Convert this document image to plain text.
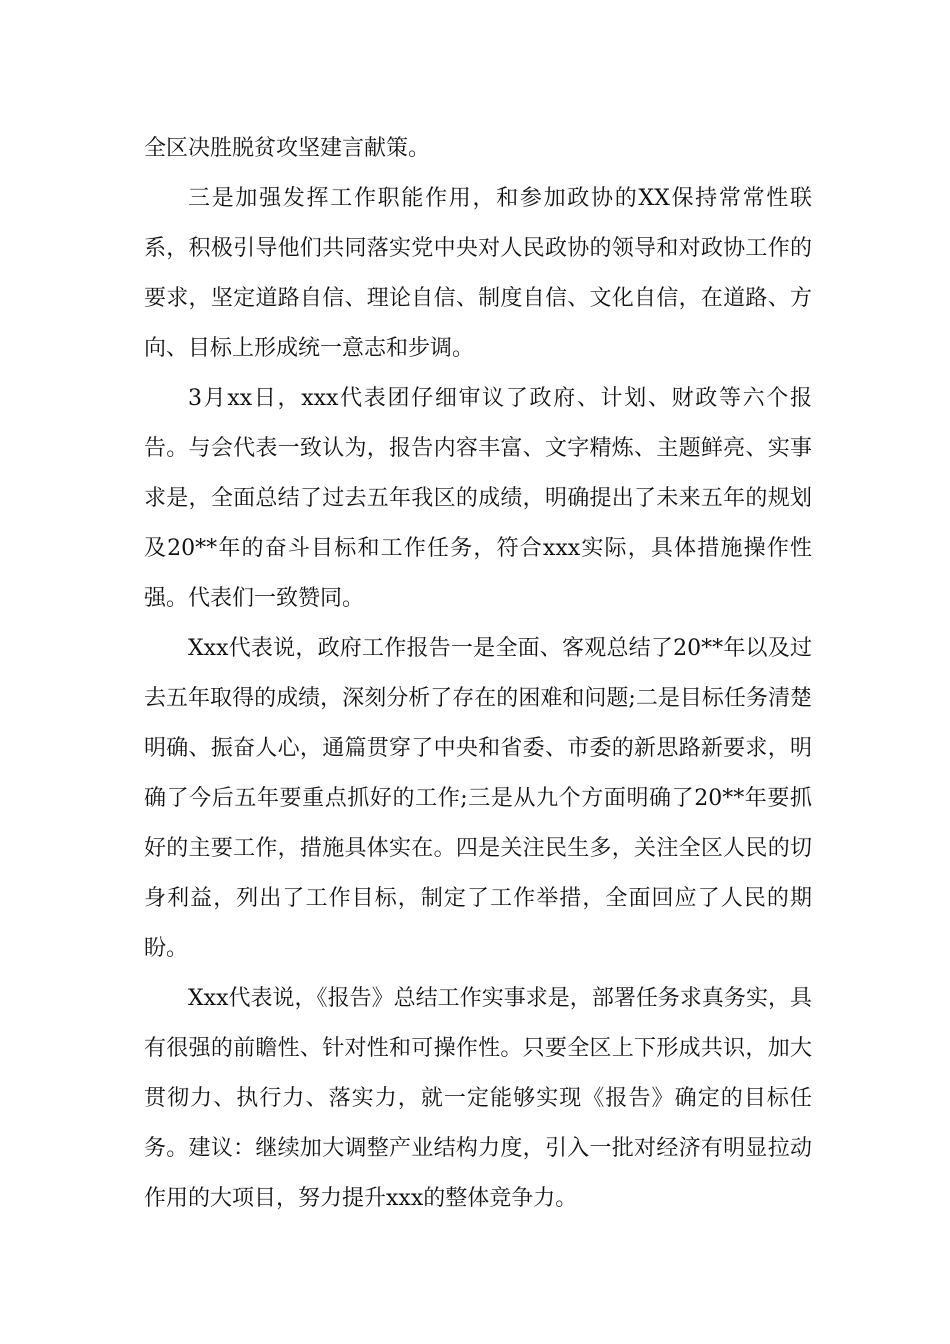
全区决胜脱贫攻坚建言献策。

三是加强发挥工作职能作用，和参加政协的XX保持常常性联系，积极引导他们共同落实党中央对人民政协的领导和对政协工作的要求，坚定道路自信、理论自信、制度自信、文化自信，在道路、方向、目标上形成统一意志和步调。

3月xx日，xxx代表团仔细审议了政府、计划、财政等六个报告。与会代表一致认为，报告内容丰富、文字精炼、主题鲜亮、实事求是，全面总结了过去五年我区的成绩，明确提出了未来五年的规划及20**年的奋斗目标和工作任务，符合xxx实际，具体措施操作性强。代表们一致赞同。

Xxx代表说，政府工作报告一是全面、客观总结了20**年以及过去五年取得的成绩，深刻分析了存在的困难和问题;二是目标任务清楚明确、振奋人心，通篇贯穿了中央和省委、市委的新思路新要求，明确了今后五年要重点抓好的工作;三是从九个方面明确了20**年要抓好的主要工作，措施具体实在。四是关注民生多，关注全区人民的切身利益，列出了工作目标，制定了工作举措，全面回应了人民的期盼。

Xxx代表说，《报告》总结工作实事求是，部署任务求真务实，具有很强的前瞻性、针对性和可操作性。只要全区上下形成共识，加大贯彻力、执行力、落实力，就一定能够实现《报告》确定的目标任务。建议：继续加大调整产业结构力度，引入一批对经济有明显拉动作用的大项目，努力提升xxx的整体竞争力。
